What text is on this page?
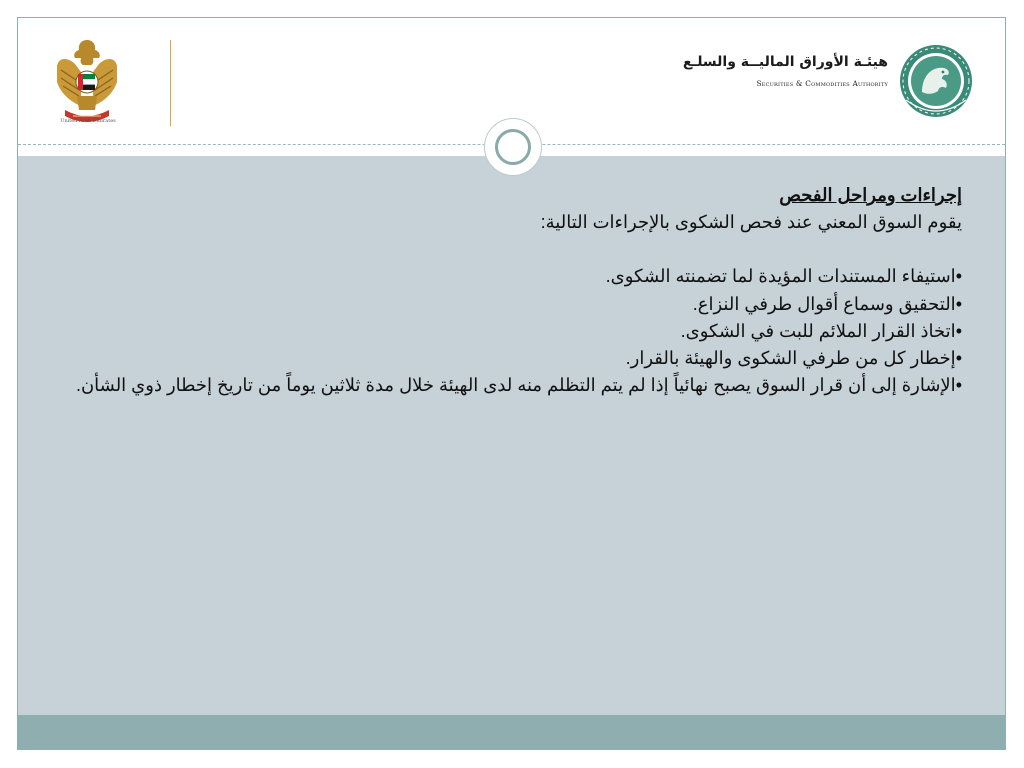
United Arab Emirates
هيئـة الأوراق الماليــة والسلـع
Securities & Commodities Authority
إجراءات ومراحل الفحص
يقوم السوق المعني عند فحص الشكوى بالإجراءات التالية:
• استيفاء المستندات المؤيدة لما تضمنته الشكوى.
• التحقيق وسماع أقوال طرفي النزاع.
• اتخاذ القرار الملائم للبت في الشكوى.
• إخطار كل من طرفي الشكوى والهيئة بالقرار.
• الإشارة إلى أن قرار السوق يصبح نهائياً إذا لم يتم التظلم منه لدى الهيئة خلال مدة ثلاثين يوماً من تاريخ إخطار ذوي الشأن.
